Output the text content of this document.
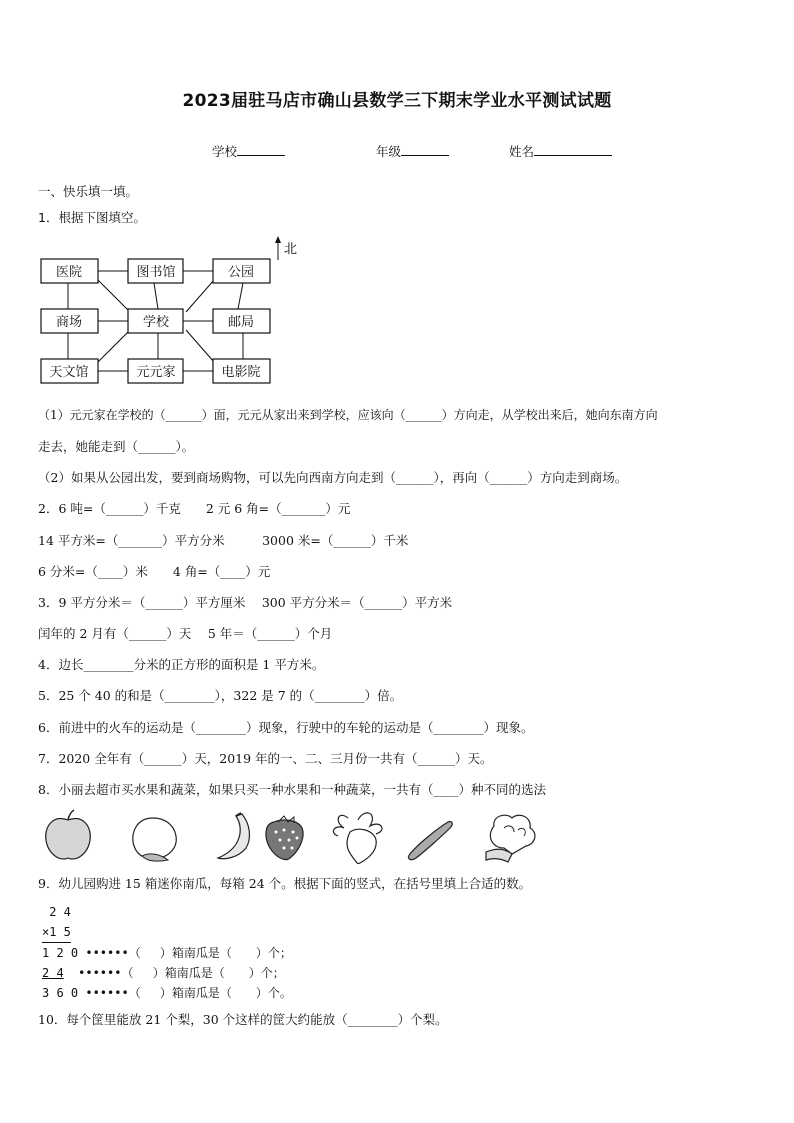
2023届驻马店市确山县数学三下期末学业水平测试试题
学校	年级	姓名
一、快乐填一填。
1．根据下图填空。
北
医院	图书馆	公园
商场	学校	邮局
天文馆	元元家	电影院
（1）元元家在学校的（______）面，元元从家出来到学校，应该向（______）方向走，从学校出来后，她向东南方向
走去，她能走到（______）。
（2）如果从公园出发，要到商场购物，可以先向西南方向走到（______），再向（______）方向走到商场。
2．6 吨=（______）千克　　2 元 6 角=（_______）元
14 平方米=（_______）平方分米　　　3000 米=（______）千米
6 分米=（____）米　　4 角=（____）元
3．9 平方分米＝（______）平方厘米　 300 平方分米＝（______）平方米
闰年的 2 月有（______）天　 5 年＝（______）个月
4．边长________分米的正方形的面积是 1 平方米。
5．25 个 40 的和是（________），322 是 7 的（________）倍。
6．前进中的火车的运动是（________）现象，行驶中的车轮的运动是（________）现象。
7．2020 全年有（______）天，2019 年的一、二、三月份一共有（______）天。
8．小丽去超市买水果和蔬菜，如果只买一种水果和一种蔬菜，一共有（____）种不同的选法
9．幼儿园购进 15 箱迷你南瓜，每箱 24 个。根据下面的竖式，在括号里填上合适的数。
2 4
×1 5
1 2 0 ••••••（　 ）箱南瓜是（　　）个；
2 4  ••••••（　 ）箱南瓜是（　　）个；
3 6 0 ••••••（　 ）箱南瓜是（　　）个。
10．每个筐里能放 21 个梨，30 个这样的筐大约能放（________）个梨。
